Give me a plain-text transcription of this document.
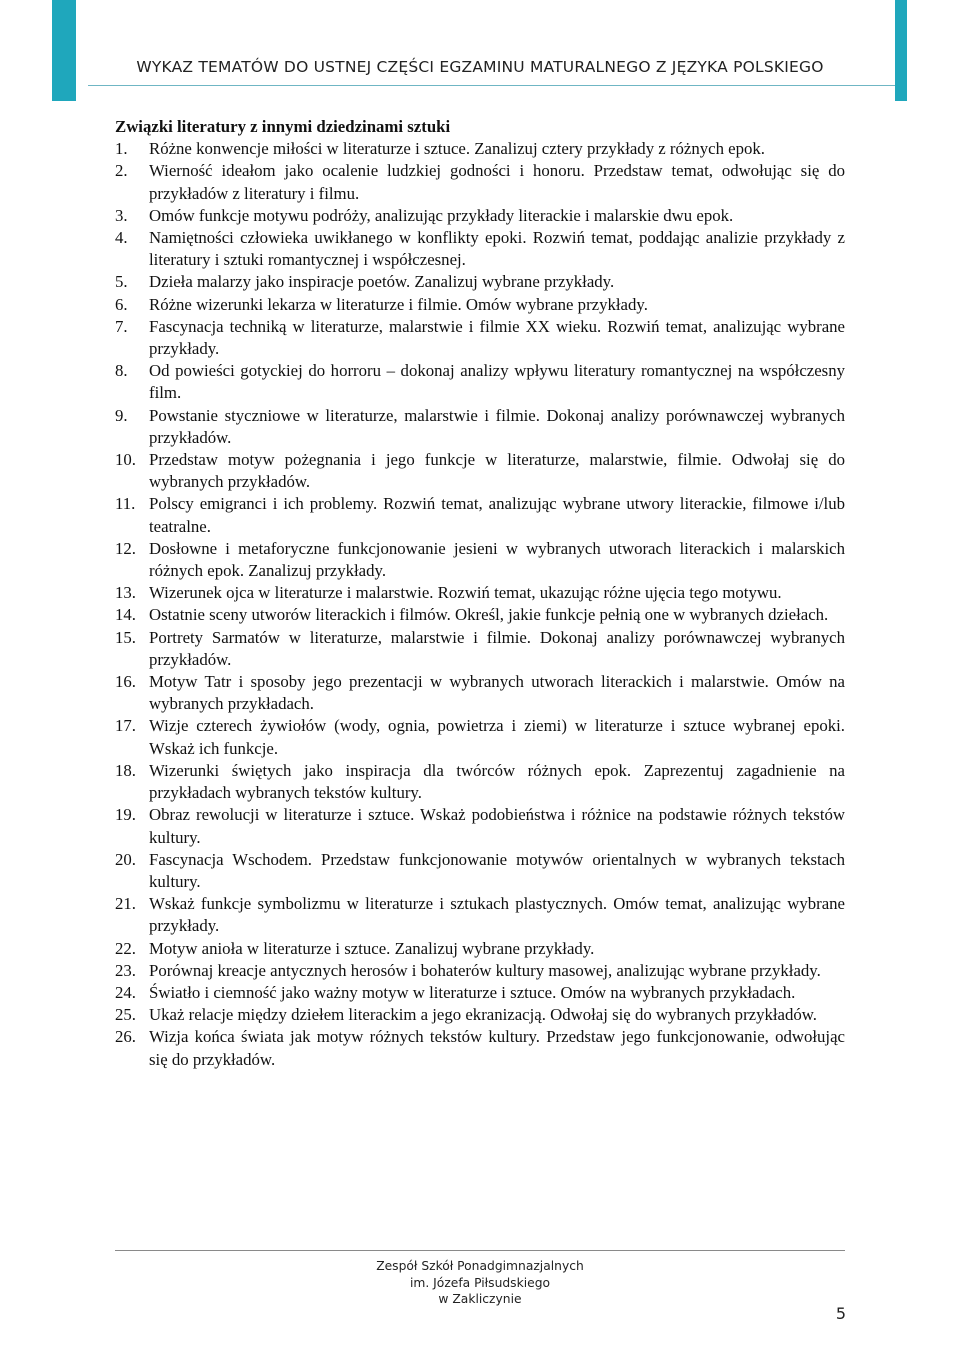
WYKAZ TEMATÓW DO USTNEJ CZĘŚCI EGZAMINU MATURALNEGO Z JĘZYKA POLSKIEGO

Związki literatury z innymi dziedzinami sztuki

1.	Różne konwencje miłości w literaturze i sztuce. Zanalizuj cztery przykłady z różnych epok.
2.	Wierność ideałom jako ocalenie ludzkiej godności i honoru. Przedstaw temat, odwołując się do przykładów z literatury i filmu.
3.	Omów funkcje motywu podróży, analizując przykłady literackie i malarskie dwu epok.
4.	Namiętności człowieka uwikłanego w konflikty epoki. Rozwiń temat, poddając analizie przykłady z literatury i sztuki romantycznej i współczesnej.
5.	Dzieła malarzy jako inspiracje poetów. Zanalizuj wybrane przykłady.
6.	Różne wizerunki lekarza w literaturze i filmie. Omów wybrane przykłady.
7.	Fascynacja techniką w literaturze, malarstwie i filmie XX wieku. Rozwiń temat, analizując wybrane przykłady.
8.	Od powieści gotyckiej do horroru – dokonaj analizy wpływu literatury romantycznej na współczesny film.
9.	Powstanie styczniowe w literaturze, malarstwie i filmie. Dokonaj analizy porównawczej wybranych przykładów.
10. Przedstaw motyw pożegnania i jego funkcje w literaturze, malarstwie, filmie. Odwołaj się do wybranych przykładów.
11. Polscy emigranci i ich problemy. Rozwiń temat, analizując wybrane utwory literackie, filmowe i/lub teatralne.
12. Dosłowne i metaforyczne funkcjonowanie jesieni w wybranych utworach literackich i malarskich różnych epok. Zanalizuj przykłady.
13. Wizerunek ojca w literaturze i malarstwie. Rozwiń temat, ukazując różne ujęcia tego motywu.
14. Ostatnie sceny utworów literackich i filmów. Określ, jakie funkcje pełnią one w wybranych dziełach.
15. Portrety Sarmatów w literaturze, malarstwie i filmie. Dokonaj analizy porównawczej wybranych przykładów.
16. Motyw Tatr i sposoby jego prezentacji w wybranych utworach literackich i malarstwie. Omów na wybranych przykładach.
17. Wizje czterech żywiołów (wody, ognia, powietrza i ziemi) w literaturze i sztuce wybranej epoki. Wskaż ich funkcje.
18. Wizerunki świętych jako inspiracja dla twórców różnych epok. Zaprezentuj zagadnienie na przykładach wybranych tekstów kultury.
19. Obraz rewolucji w literaturze i sztuce. Wskaż podobieństwa i różnice na podstawie różnych tekstów kultury.
20. Fascynacja Wschodem. Przedstaw funkcjonowanie motywów orientalnych w wybranych tekstach kultury.
21. Wskaż funkcje symbolizmu w literaturze i sztukach plastycznych. Omów temat, analizując wybrane przykłady.
22. Motyw anioła w literaturze i sztuce. Zanalizuj wybrane przykłady.
23. Porównaj kreacje antycznych herosów i bohaterów kultury masowej, analizując wybrane przykłady.
24. Światło i ciemność jako ważny motyw w literaturze i sztuce. Omów na wybranych przykładach.
25. Ukaż relacje między dziełem literackim a jego ekranizacją. Odwołaj się do wybranych przykładów.
26. Wizja końca świata jak motyw różnych tekstów kultury. Przedstaw jego funkcjonowanie, odwołując się do przykładów.
Zespół Szkół Ponadgimnazjalnych
im. Józefa Piłsudskiego
w Zakliczynie
5
